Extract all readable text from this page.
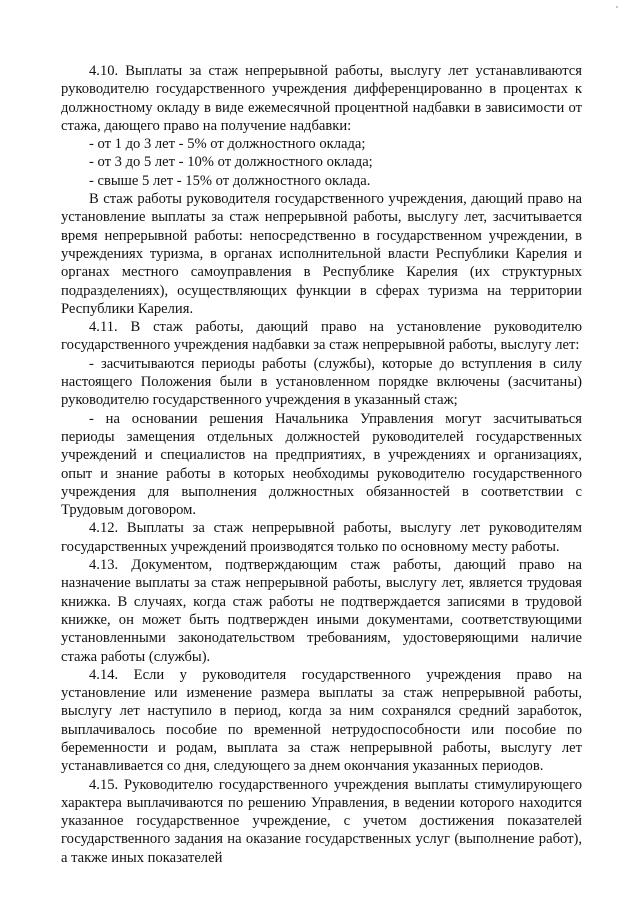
4.10. Выплаты за стаж непрерывной работы, выслугу лет устанавливаются руководителю государственного учреждения дифференцированно в процентах к должностному окладу в виде ежемесячной процентной надбавки в зависимости от стажа, дающего право на получение надбавки:

- от 1 до 3 лет - 5% от должностного оклада;

- от 3 до 5 лет - 10% от должностного оклада;

- свыше 5 лет - 15% от должностного оклада.

В стаж работы руководителя государственного учреждения, дающий право на установление выплаты за стаж непрерывной работы, выслугу лет, засчитывается время непрерывной работы: непосредственно в государственном учреждении, в учреждениях туризма, в органах исполнительной власти Республики Карелия и органах местного самоуправления в Республике Карелия (их структурных подразделениях), осуществляющих функции в сферах туризма на территории Республики Карелия.

4.11. В стаж работы, дающий право на установление руководителю государственного учреждения надбавки за стаж непрерывной работы, выслугу лет:

- засчитываются периоды работы (службы), которые до вступления в силу настоящего Положения были в установленном порядке включены (засчитаны) руководителю государственного учреждения в указанный стаж;

- на основании решения Начальника Управления могут засчитываться периоды замещения отдельных должностей руководителей государственных учреждений и специалистов на предприятиях, в учреждениях и организациях, опыт и знание работы в которых необходимы руководителю государственного учреждения для выполнения должностных обязанностей в соответствии с Трудовым договором.

4.12. Выплаты за стаж непрерывной работы, выслугу лет руководителям государственных учреждений производятся только по основному месту работы.

4.13. Документом, подтверждающим стаж работы, дающий право на назначение выплаты за стаж непрерывной работы, выслугу лет, является трудовая книжка. В случаях, когда стаж работы не подтверждается записями в трудовой книжке, он может быть подтвержден иными документами, соответствующими установленными законодательством требованиям, удостоверяющими наличие стажа работы (службы).

4.14. Если у руководителя государственного учреждения право на установление или изменение размера выплаты за стаж непрерывной работы, выслугу лет наступило в период, когда за ним сохранялся средний заработок, выплачивалось пособие по временной нетрудоспособности или пособие по беременности и родам, выплата за стаж непрерывной работы, выслугу лет устанавливается со дня, следующего за днем окончания указанных периодов.

4.15. Руководителю государственного учреждения выплаты стимулирующего характера выплачиваются по решению Управления, в ведении которого находится указанное государственное учреждение, с учетом достижения показателей государственного задания на оказание государственных услуг (выполнение работ), а также иных показателей
